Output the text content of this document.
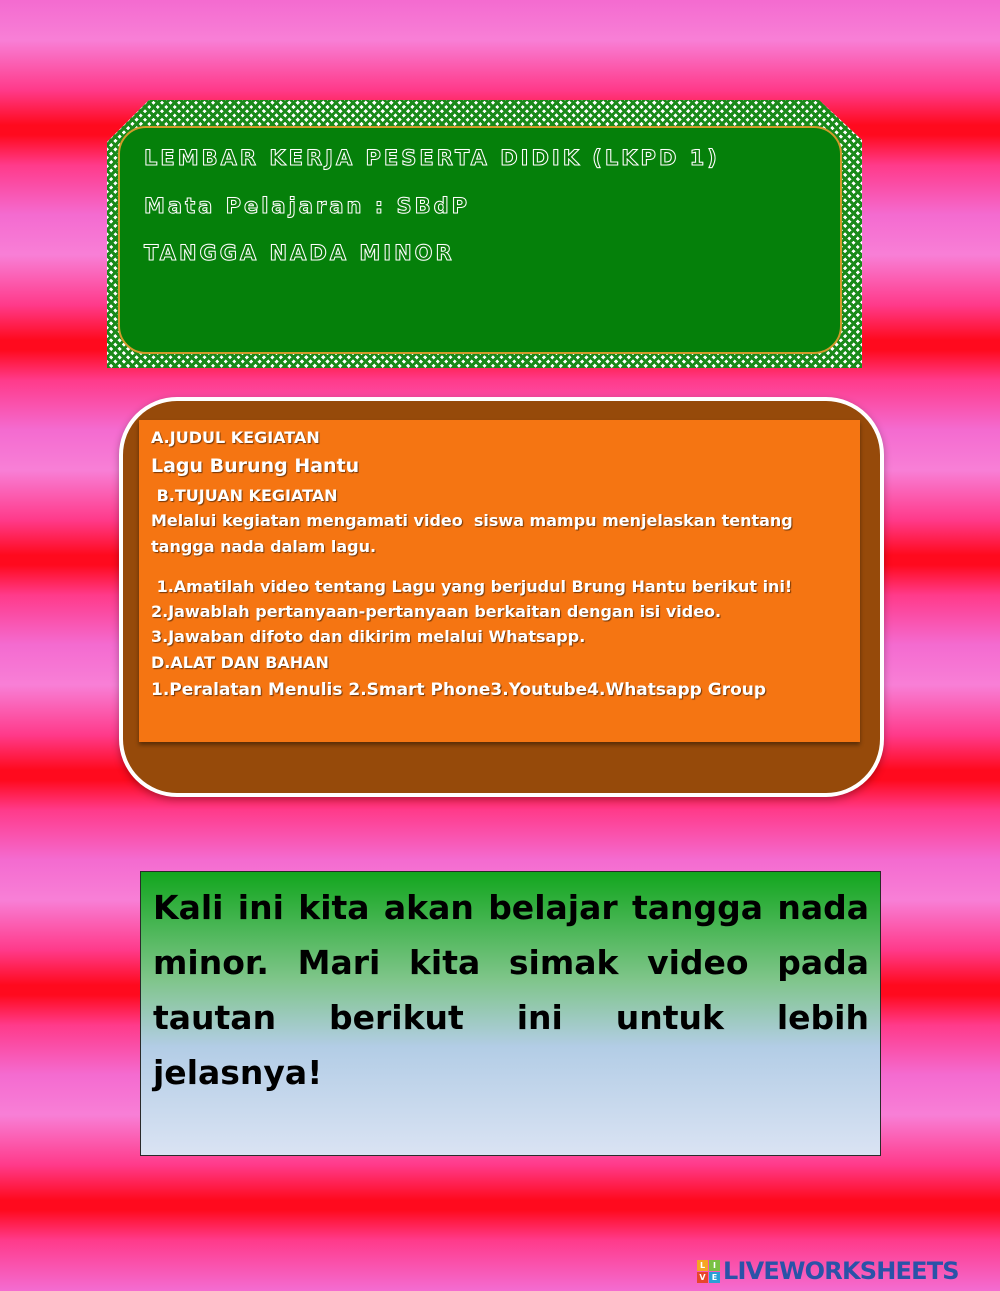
LEMBAR KERJA PESERTA DIDIK (LKPD 1)
Mata Pelajaran : SBdP
TANGGA NADA MINOR
A.JUDUL KEGIATAN
Lagu Burung Hantu
B.TUJUAN KEGIATAN
Melalui kegiatan mengamati video  siswa mampu menjelaskan tentang
tangga nada dalam lagu.
1.Amatilah video tentang Lagu yang berjudul Brung Hantu berikut ini!
2.Jawablah pertanyaan-pertanyaan berkaitan dengan isi video.
3.Jawaban difoto dan dikirim melalui Whatsapp.
D.ALAT DAN BAHAN
1.Peralatan Menulis 2.Smart Phone3.Youtube4.Whatsapp Group
Kali ini kita akan belajar tangga nada minor. Mari kita simak video pada tautan berikut ini untuk lebih jelasnya!
L I
V E LIVEWORKSHEETS
